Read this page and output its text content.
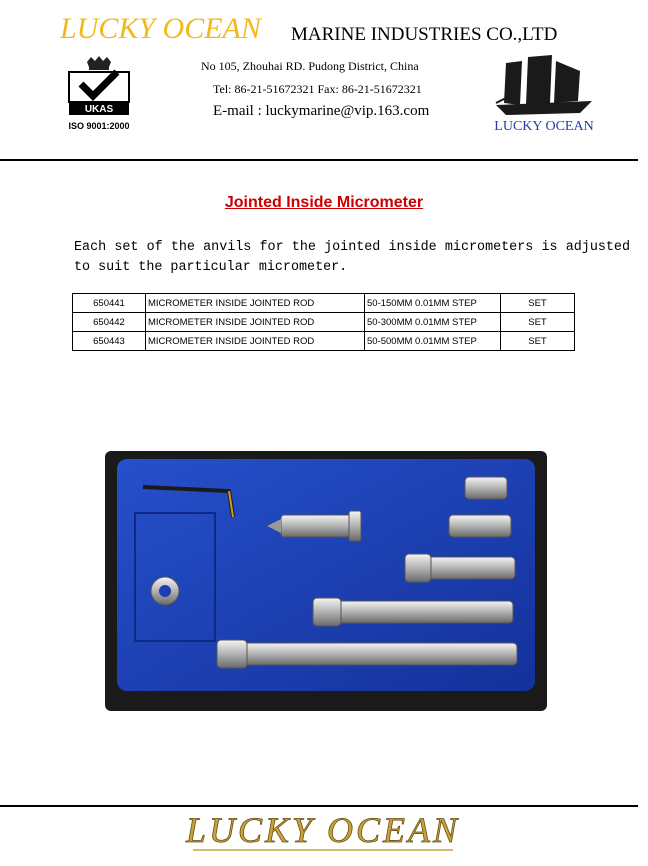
LUCKY OCEAN MARINE INDUSTRIES CO.,LTD
UKAS
ISO 9001:2000
No 105, Zhouhai RD. Pudong District, China
Tel: 86-21-51672321 Fax: 86-21-51672321
E-mail : luckymarine@vip.163.com
LUCKY OCEAN
Jointed Inside Micrometer
Each set of the anvils for the jointed inside micrometers is adjusted to suit the particular micrometer.
650441	MICROMETER INSIDE JOINTED ROD	50-150MM 0.01MM STEP	SET
650442	MICROMETER INSIDE JOINTED ROD	50-300MM 0.01MM STEP	SET
650443	MICROMETER INSIDE JOINTED ROD	50-500MM 0.01MM STEP	SET
LUCKY OCEAN
